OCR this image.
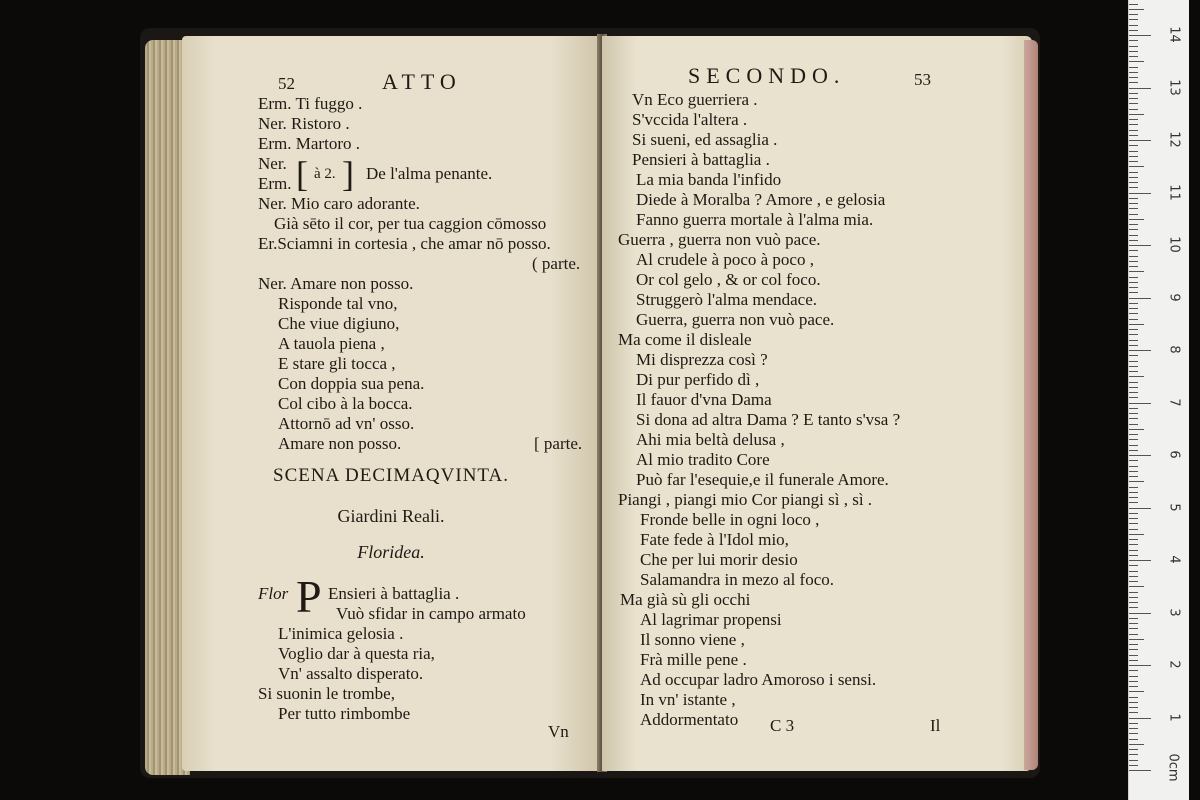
52	ATTO
Erm. Ti fuggo .
Ner. Ristoro .
Erm. Martoro .
Ner.
Erm. [ à 2. ] De l'alma penante.
Ner. Mio caro adorante.
Già sēto il cor, per tua caggion cōmosso
Er.Sciamni in cortesia , che amar nō posso.
( parte.
Ner. Amare non posso.
Risponde tal vno,
Che viue digiuno,
A tauola piena ,
E stare gli tocca ,
Con doppia sua pena.
Col cibo à la bocca.
Attornō ad vn' osso.
Amare non posso.	[ parte.
SCENA DECIMAQVINTA.
Giardini Reali.
Floridea.
Flor P Ensieri à battaglia .
Vuò sfidar in campo armato
L'inimica gelosia .
Voglio dar à questa ria,
Vn' assalto disperato.
Si suonin le trombe,
Per tutto rimbombe
Vn
SECONDO.	53
Vn Eco guerriera .
S'vccida l'altera .
Si sueni, ed assaglia .
Pensieri à battaglia .
La mia banda l'infido
Diede à Moralba ? Amore , e gelosia
Fanno guerra mortale à l'alma mia.
Guerra , guerra non vuò pace.
Al crudele à poco à poco ,
Or col gelo , & or col foco.
Struggerò l'alma mendace.
Guerra, guerra non vuò pace.
Ma come il disleale
Mi disprezza così ?
Di pur perfido dì ,
Il fauor d'vna Dama
Si dona ad altra Dama ? E tanto s'vsa ?
Ahi mia beltà delusa ,
Al mio tradito Core
Può far l'esequie,e il funerale Amore.
Piangi , piangi mio Cor piangi sì , sì .
Fronde belle in ogni loco ,
Fate fede à l'Idol mio,
Che per lui morir desio
Salamandra in mezo al foco.
Ma già sù gli occhi
Al lagrimar propensi
Il sonno viene ,
Frà mille pene .
Ad occupar ladro Amoroso i sensi.
In vn' istante ,
Addormentato C 3	Il
14
13
12
11
10
9
8
7
6
5
4
3
2
1
0cm
